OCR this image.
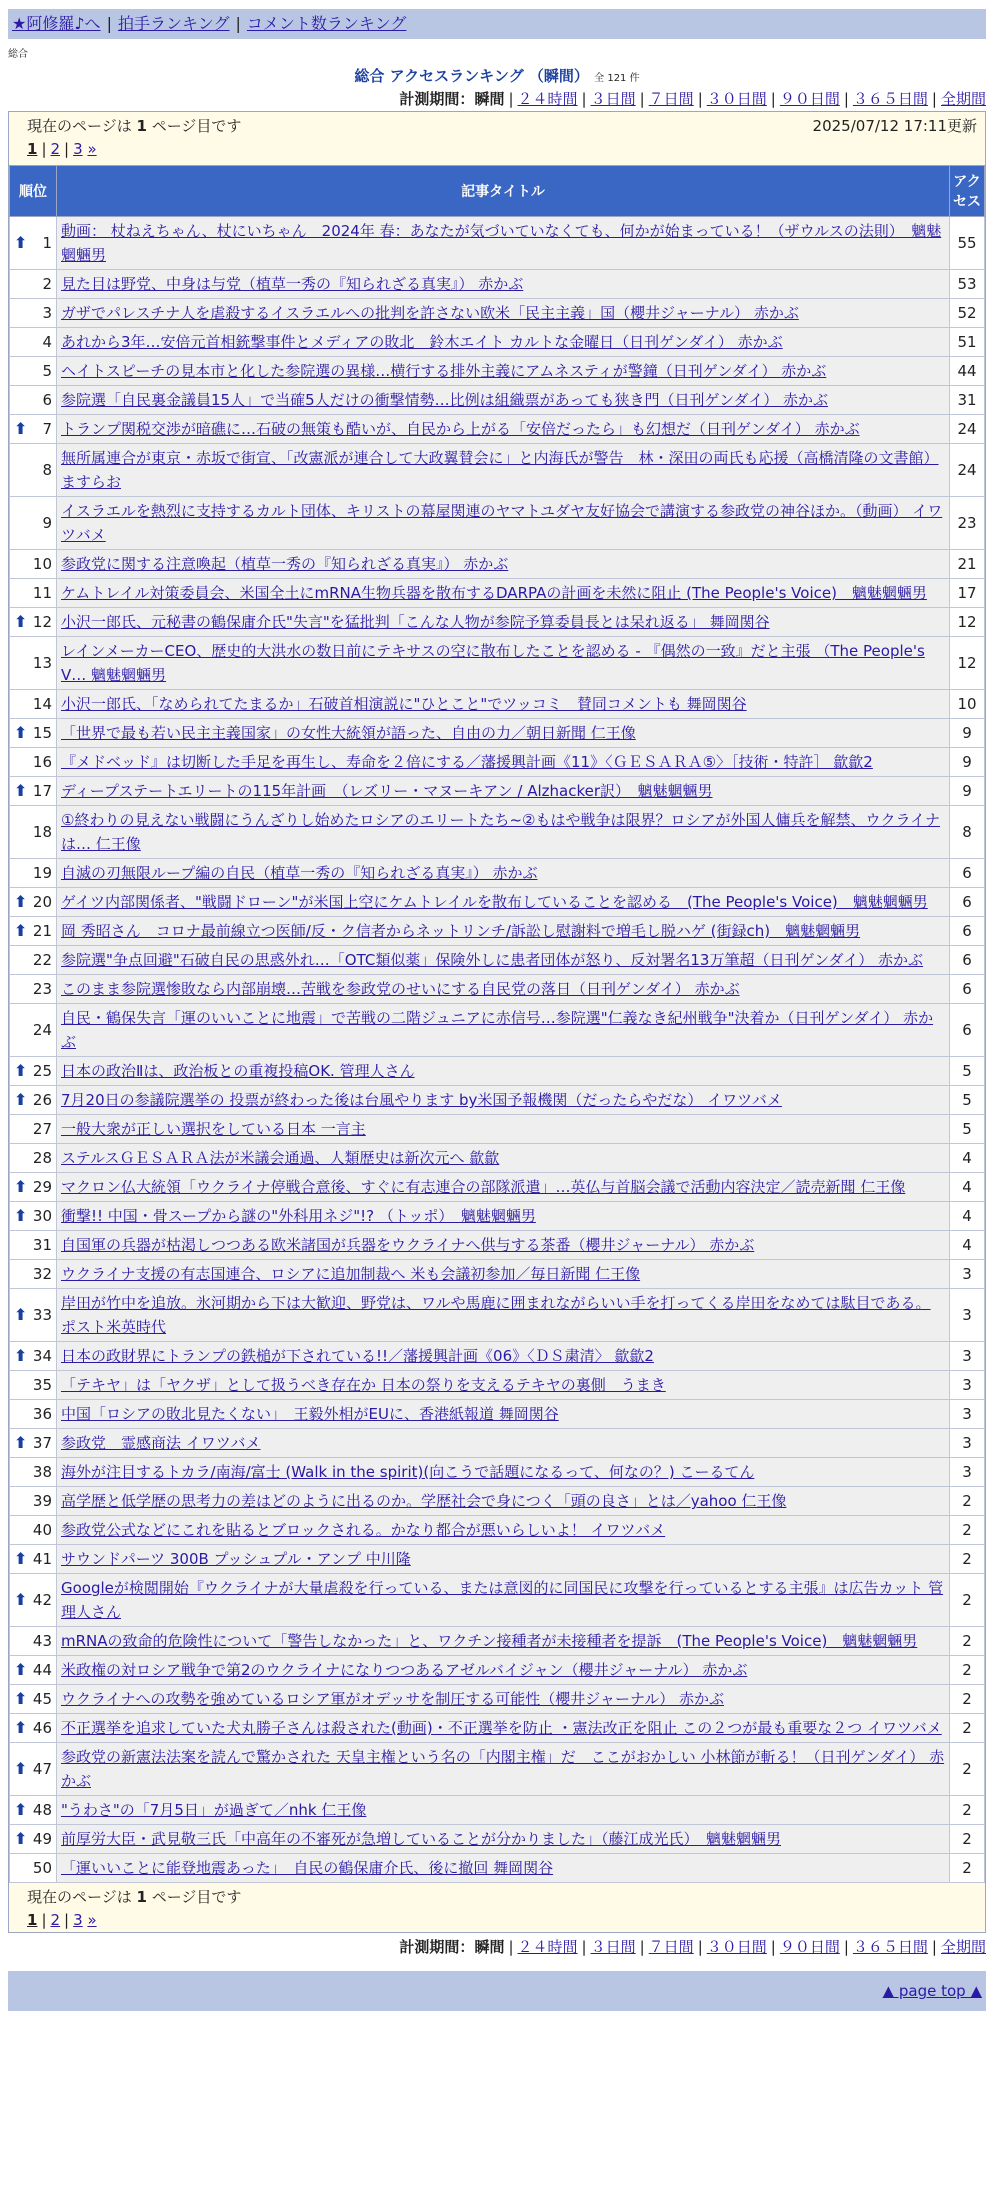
★阿修羅♪へ | 拍手ランキング | コメント数ランキング
総合
総合 アクセスランキング （瞬間） 全 121 件
計測期間：瞬間 | ２４時間 | ３日間 | ７日間 | ３０日間 | ９０日間 | ３６５日間 | 全期間
現在のページは 1 ページ目です	2025/07/12 17:11更新
1 | 2 | 3 »
順位	記事タイトル	アクセス

⬆ 1	動画： 杖ねえちゃん、杖にいちゃん　2024年 春：あなたが気づいていなくても、何かが始まっている！（ザウルスの法則）　魑魅魍魎男	55
2	見た目は野党、中身は与党（植草一秀の『知られざる真実』） 赤かぶ	53
3	ガザでパレスチナ人を虐殺するイスラエルへの批判を許さない欧米「民主主義」国（櫻井ジャーナル） 赤かぶ	52
4	あれから3年…安倍元首相銃撃事件とメディアの敗北　鈴木エイト カルトな金曜日（日刊ゲンダイ） 赤かぶ	51
5	ヘイトスピーチの見本市と化した参院選の異様…横行する排外主義にアムネスティが警鐘（日刊ゲンダイ） 赤かぶ	44
6	参院選「自民裏金議員15人」で当確5人だけの衝撃情勢…比例は組織票があっても狭き門（日刊ゲンダイ） 赤かぶ	31

⬆ 7	トランプ関税交渉が暗礁に…石破の無策も酷いが、自民から上がる「安倍だったら」も幻想だ（日刊ゲンダイ） 赤かぶ	24
8	無所属連合が東京・赤坂で街宣、「改憲派が連合して大政翼賛会に」と内海氏が警告　林・深田の両氏も応援（高橋清隆の文書館） ますらお	24
9	イスラエルを熱烈に支持するカルト団体、キリストの幕屋関連のヤマトユダヤ友好協会で講演する参政党の神谷ほか。（動画） イワツバメ	23
10	参政党に関する注意喚起（植草一秀の『知られざる真実』） 赤かぶ	21
11	ケムトレイル対策委員会、米国全土にmRNA生物兵器を散布するDARPAの計画を未然に阻止 (The People's Voice)　魑魅魍魎男	17

⬆ 12	小沢一郎氏、元秘書の鶴保庸介氏"失言"を猛批判「こんな人物が参院予算委員長とは呆れ返る」 舞岡関谷	12
13	レインメーカーCEO、歴史的大洪水の数日前にテキサスの空に散布したことを認める - 『偶然の一致』だと主張 （The People's V… 魑魅魍魎男	12
14	小沢一郎氏、「なめられてたまるか」石破首相演説に"ひとこと"でツッコミ　賛同コメントも 舞岡関谷	10

⬆ 15	「世界で最も若い民主主義国家」の女性大統領が語った、自由の力／朝日新聞 仁王像	9
16	『メドベッド』は切断した手足を再生し、寿命を２倍にする／藩援興計画《11》〈ＧＥＳＡＲＡ⑤〉［技術・特許］ 歙歙2	9

⬆ 17	ディープステートエリートの115年計画　（レズリー・マヌーキアン / Alzhacker訳）　魑魅魍魎男	9
18	①終わりの見えない戦闘にうんざりし始めたロシアのエリートたち~②もはや戦争は限界？ロシアが外国人傭兵を解禁、ウクライナは… 仁王像	8
19	自滅の刃無限ループ編の自民（植草一秀の『知られざる真実』） 赤かぶ	6

⬆ 20	ゲイツ内部関係者、"戦闘ドローン"が米国上空にケムトレイルを散布していることを認める　(The People's Voice)　魑魅魍魎男	6

⬆ 21	岡 秀昭さん　コロナ最前線立つ医師/反・ク信者からネットリンチ/訴訟し慰謝料で増毛し脱ハゲ (街録ch)　魑魅魍魎男	6
22	参院選"争点回避"石破自民の思惑外れ…「OTC類似薬」保険外しに患者団体が怒り、反対署名13万筆超（日刊ゲンダイ） 赤かぶ	6
23	このまま参院選惨敗なら内部崩壊…苦戦を参政党のせいにする自民党の落日（日刊ゲンダイ） 赤かぶ	6
24	自民・鶴保失言「運のいいことに地震」で苦戦の二階ジュニアに赤信号…参院選"仁義なき紀州戦争"決着か（日刊ゲンダイ） 赤かぶ	6

⬆ 25	日本の政治Ⅱは、政治板との重複投稿OK. 管理人さん	5

⬆ 26	7月20日の参議院選挙の 投票が終わった後は台風やります by米国予報機関（だったらやだな） イワツバメ	5
27	一般大衆が正しい選択をしている日本 一言主	5
28	ステルスＧＥＳＡＲＡ法が米議会通過、人類歴史は新次元へ 歙歙	4

⬆ 29	マクロン仏大統領「ウクライナ停戦合意後、すぐに有志連合の部隊派遣」…英仏与首脳会議で活動内容決定／読売新聞 仁王像	4

⬆ 30	衝撃!! 中国・骨スープから謎の"外科用ネジ"!? （トッポ）　魑魅魍魎男	4
31	自国軍の兵器が枯渇しつつある欧米諸国が兵器をウクライナへ供与する茶番（櫻井ジャーナル） 赤かぶ	4
32	ウクライナ支援の有志国連合、ロシアに追加制裁へ 米も会議初参加／毎日新聞 仁王像	3

⬆ 33	岸田が竹中を追放。氷河期から下は大歓迎、野党は、ワルや馬鹿に囲まれながらいい手を打ってくる岸田をなめては駄目である。 ポスト米英時代	3

⬆ 34	日本の政財界にトランプの鉄槌が下されている!!／藩援興計画《06》〈ＤＳ粛清〉 歙歙2	3
35	「テキヤ」は「ヤクザ」として扱うべき存在か 日本の祭りを支えるテキヤの裏側　うまき	3
36	中国「ロシアの敗北見たくない」　王毅外相がEUに、香港紙報道 舞岡関谷	3

⬆ 37	参政党　霊感商法 イワツバメ	3
38	海外が注目するトカラ/南海/富士 (Walk in the spirit)(向こうで話題になるって、何なの？) こーるてん	3
39	高学歴と低学歴の思考力の差はどのように出るのか。学歴社会で身につく「頭の良さ」とは／yahoo 仁王像	2
40	参政党公式などにこれを貼るとブロックされる。かなり都合が悪いらしいよ！ イワツバメ	2

⬆ 41	サウンドパーツ 300B プッシュプル・アンプ 中川隆	2

⬆ 42	Googleが検閲開始『ウクライナが大量虐殺を行っている、または意図的に同国民に攻撃を行っているとする主張』は広告カット 管理人さん	2
43	mRNAの致命的危険性について「警告しなかった」と、ワクチン接種者が未接種者を提訴　(The People's Voice)　魑魅魍魎男	2

⬆ 44	米政権の対ロシア戦争で第2のウクライナになりつつあるアゼルバイジャン（櫻井ジャーナル） 赤かぶ	2

⬆ 45	ウクライナへの攻勢を強めているロシア軍がオデッサを制圧する可能性（櫻井ジャーナル） 赤かぶ	2

⬆ 46	不正選挙を追求していた犬丸勝子さんは殺された(動画)・不正選挙を防止 ・憲法改正を阻止 この２つが最も重要な２つ イワツバメ	2

⬆ 47	参政党の新憲法法案を読んで驚かされた 天皇主権という名の「内閣主権」だ　ここがおかしい 小林節が斬る！（日刊ゲンダイ） 赤かぶ	2

⬆ 48	"うわさ"の「7月5日」が過ぎて／nhk 仁王像	2

⬆ 49	前厚労大臣・武見敬三氏「中高年の不審死が急増していることが分かりました」（藤江成光氏）　魑魅魍魎男	2
50	「運いいことに能登地震あった」　自民の鶴保庸介氏、後に撤回 舞岡関谷	2
現在のページは 1 ページ目です
1 | 2 | 3 »
計測期間：瞬間 | ２４時間 | ３日間 | ７日間 | ３０日間 | ９０日間 | ３６５日間 | 全期間
▲ page top ▲
